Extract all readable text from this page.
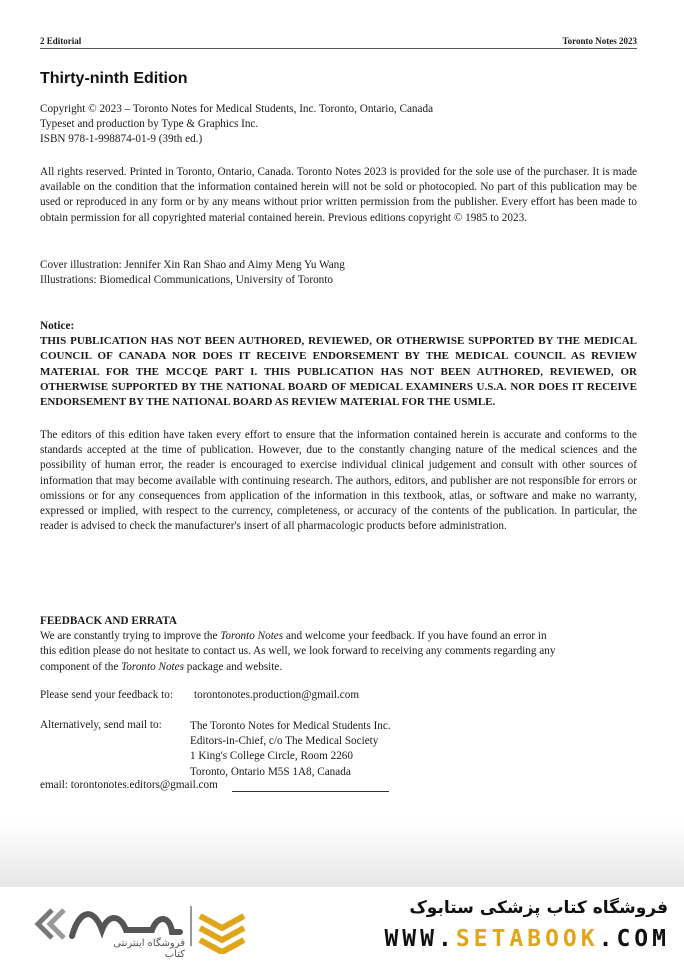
2 Editorial	Toronto Notes 2023
Thirty-ninth Edition

Copyright © 2023 – Toronto Notes for Medical Students, Inc. Toronto, Ontario, Canada

Typeset and production by Type & Graphics Inc.

ISBN 978-1-998874-01-9 (39th ed.)

All rights reserved. Printed in Toronto, Ontario, Canada. Toronto Notes 2023 is provided for the sole use of the purchaser. It is made available on the condition that the information contained herein will not be sold or photocopied. No part of this publication may be used or reproduced in any form or by any means without prior written permission from the publisher. Every effort has been made to obtain permission for all copyrighted material contained herein. Previous editions copyright © 1985 to 2023.

Cover illustration: Jennifer Xin Ran Shao and Aimy Meng Yu Wang

Illustrations: Biomedical Communications, University of Toronto

Notice:

THIS PUBLICATION HAS NOT BEEN AUTHORED, REVIEWED, OR OTHERWISE SUPPORTED BY THE MEDICAL COUNCIL OF CANADA NOR DOES IT RECEIVE ENDORSEMENT BY THE MEDICAL COUNCIL AS REVIEW MATERIAL FOR THE MCCQE PART I. THIS PUBLICATION HAS NOT BEEN AUTHORED, REVIEWED, OR OTHERWISE SUPPORTED BY THE NATIONAL BOARD OF MEDICAL EXAMINERS U.S.A. NOR DOES IT RECEIVE ENDORSEMENT BY THE NATIONAL BOARD AS REVIEW MATERIAL FOR THE USMLE.

The editors of this edition have taken every effort to ensure that the information contained herein is accurate and conforms to the standards accepted at the time of publication. However, due to the constantly changing nature of the medical sciences and the possibility of human error, the reader is encouraged to exercise individual clinical judgement and consult with other sources of information that may become available with continuing research. The authors, editors, and publisher are not responsible for errors or omissions or for any consequences from application of the information in this textbook, atlas, or software and make no warranty, expressed or implied, with respect to the currency, completeness, or accuracy of the contents of the publication. In particular, the reader is advised to check the manufacturer's insert of all pharmacologic products before administration.

FEEDBACK AND ERRATA

We are constantly trying to improve the Toronto Notes and welcome your feedback. If you have found an error in

this edition please do not hesitate to contact us. As well, we look forward to receiving any comments regarding any

component of the Toronto Notes package and website.

Please send your feedback to: torontonotes.production@gmail.com
Alternatively, send mail to:	The Toronto Notes for Medical Students Inc.
Editors-in-Chief, c/o The Medical Society
1 King's College Circle, Room 2260
Toronto, Ontario M5S 1A8, Canada
email: torontonotes.editors@gmail.com
فروشگاه اینترنتی کتاب
فروشگاه کتاب پزشکی ستابوک
WWW.SETABOOK.COM
